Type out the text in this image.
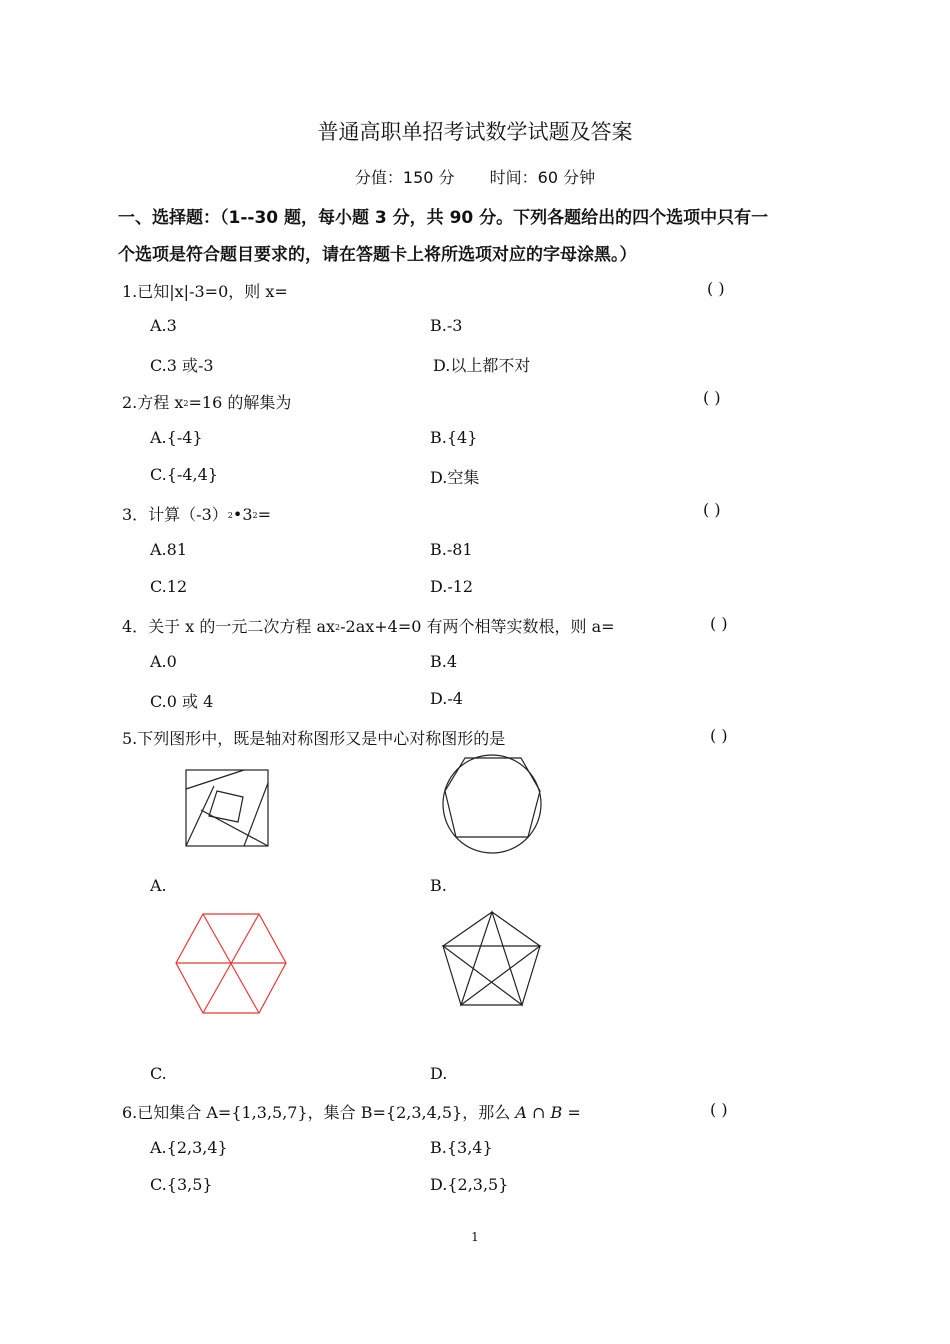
普通高职单招考试数学试题及答案
分值：150 分 时间：60 分钟
一、选择题：（1--30 题，每小题 3 分，共 90 分。下列各题给出的四个选项中只有一
个选项是符合题目要求的，请在答题卡上将所选项对应的字母涂黑。）
1.已知|x|-3=0，则 x=	( )
A.3	B.-3
C.3 或-3	D.以上都不对
2.方程 $x^2=16$ 的解集为	( )
A.{-4}	B.{4}
C.{-4,4}	D.空集
3．计算$(-3)^2•3^2=$	( )
A.81	B.-81
C.12	D.-12
4．关于 x 的一元二次方程 $ax^2-2ax+4=0$ 有两个相等实数根，则 a=	( )
A.0	B.4
C.0 或 4	D.-4
5.下列图形中，既是轴对称图形又是中心对称图形的是	( )
A.	B.
C.	D.
6.已知集合 A={1,3,5,7}，集合 B={2,3,4,5}，那么 A ∩ B =	( )
A.{2,3,4}	B.{3,4}
C.{3,5}	D.{2,3,5}
1
